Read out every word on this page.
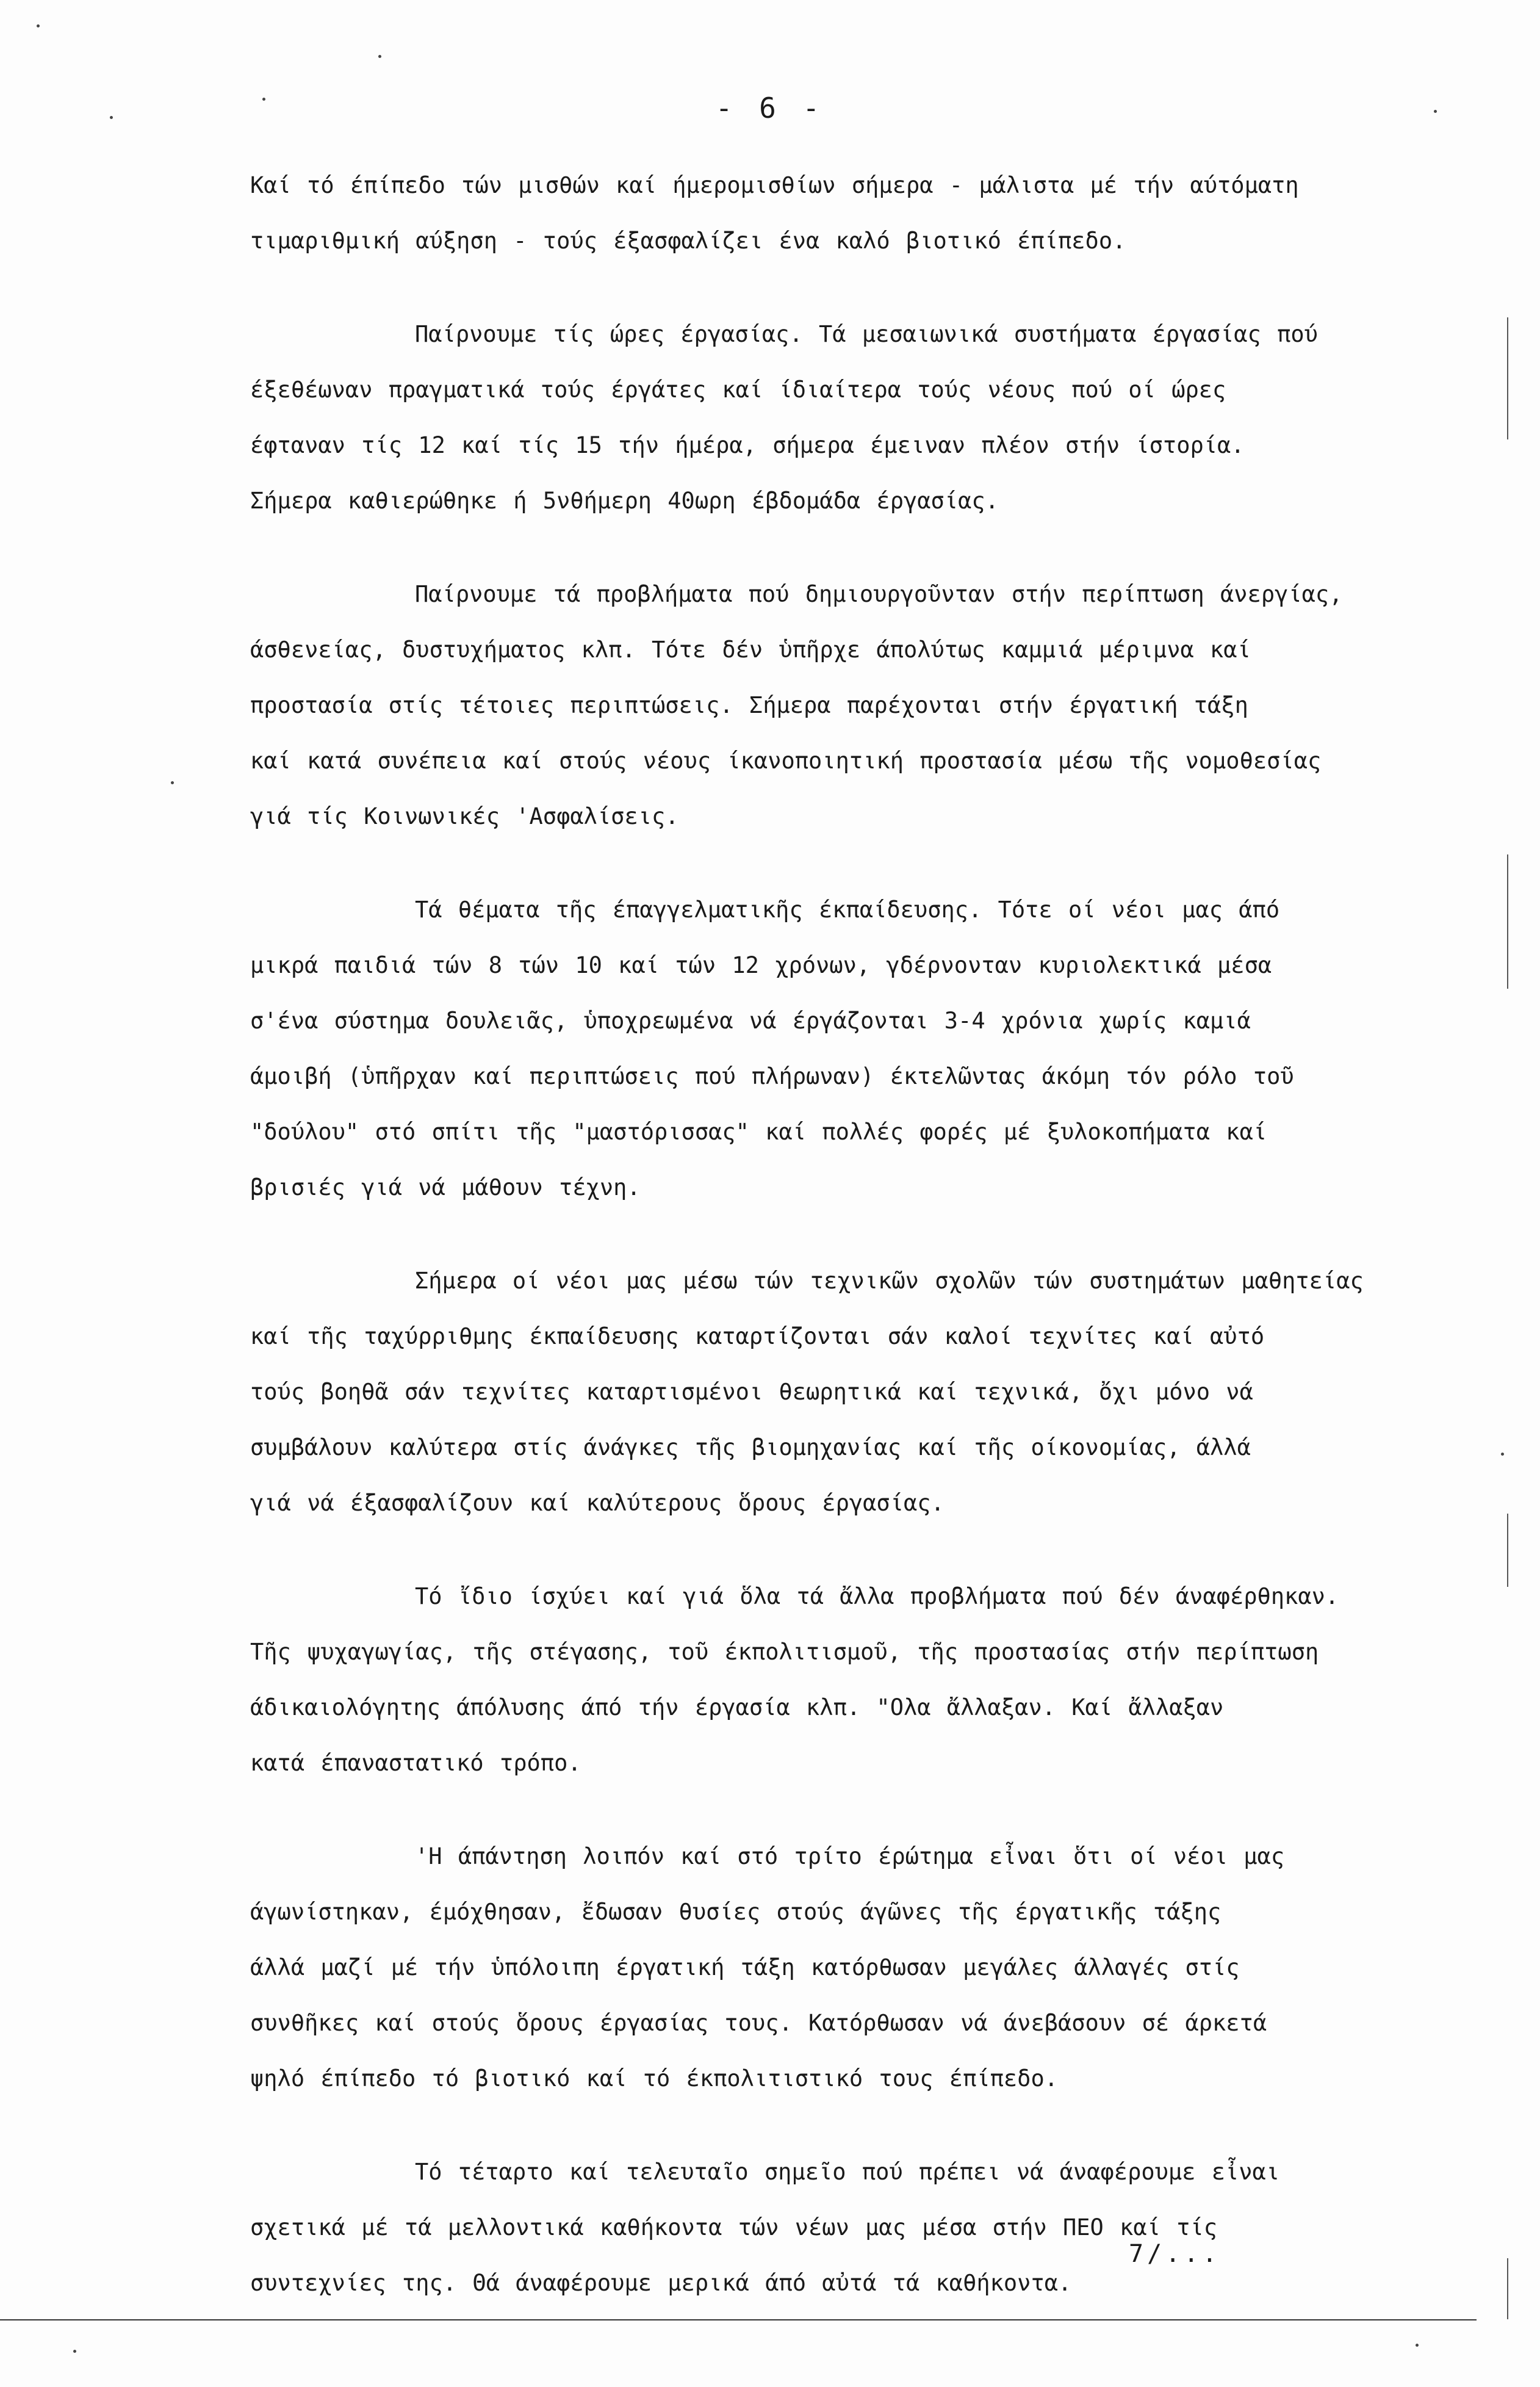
- 6 -
Καί τό έπίπεδο τών μισθών καί ήμερομισθίων σήμερα - μάλιστα μέ τήν αύτόματη
τιμαριθμική αύξηση - τούς έξασφαλίζει ένα καλό βιοτικό έπίπεδο.
Παίρνουμε τίς ώρες έργασίας. Τά μεσαιωνικά συστήματα έργασίας πού
έξεθέωναν πραγματικά τούς έργάτες καί ίδιαίτερα τούς νέους πού οί ώρες
έφταναν τίς 12 καί τίς 15 τήν ήμέρα, σήμερα έμειναν πλέον στήν ίστορία.
Σήμερα καθιερώθηκε ή 5νθήμερη 40ωρη έβδομάδα έργασίας.
Παίρνουμε τά προβλήματα πού δημιουργοῦνταν στήν περίπτωση άνεργίας,
άσθενείας, δυστυχήματος κλπ. Τότε δέν ὑπῆρχε άπολύτως καμμιά μέριμνα καί
προστασία στίς τέτοιες περιπτώσεις. Σήμερα παρέχονται στήν έργατική τάξη
καί κατά συνέπεια καί στούς νέους ίκανοποιητική προστασία μέσω τῆς νομοθεσίας
γιά τίς Κοινωνικές 'Ασφαλίσεις.
Τά θέματα τῆς έπαγγελματικῆς έκπαίδευσης. Τότε οί νέοι μας άπό
μικρά παιδιά τών 8 τών 10 καί τών 12 χρόνων, γδέρνονταν κυριολεκτικά μέσα
σ'ένα σύστημα δουλειᾶς, ὑποχρεωμένα νά έργάζονται 3-4 χρόνια χωρίς καμιά
άμοιβή (ὑπῆρχαν καί περιπτώσεις πού πλήρωναν) έκτελῶντας άκόμη τόν ρόλο τοῦ
"δούλου" στό σπίτι τῆς "μαστόρισσας" καί πολλές φορές μέ ξυλοκοπήματα καί
βρισιές γιά νά μάθουν τέχνη.
Σήμερα οί νέοι μας μέσω τών τεχνικῶν σχολῶν τών συστημάτων μαθητείας
καί τῆς ταχύρριθμης έκπαίδευσης καταρτίζονται σάν καλοί τεχνίτες καί αὐτό
τούς βοηθᾶ σάν τεχνίτες καταρτισμένοι θεωρητικά καί τεχνικά, ὄχι μόνο νά
συμβάλουν καλύτερα στίς άνάγκες τῆς βιομηχανίας καί τῆς οίκονομίας, άλλά
γιά νά έξασφαλίζουν καί καλύτερους ὅρους έργασίας.
Τό ἴδιο ίσχύει καί γιά ὅλα τά ἄλλα προβλήματα πού δέν άναφέρθηκαν.
Τῆς ψυχαγωγίας, τῆς στέγασης, τοῦ έκπολιτισμοῦ, τῆς προστασίας στήν περίπτωση
άδικαιολόγητης άπόλυσης άπό τήν έργασία κλπ. "Ολα ἄλλαξαν. Καί ἄλλαξαν
κατά έπαναστατικό τρόπο.
'Η άπάντηση λοιπόν καί στό τρίτο έρώτημα εἶναι ὅτι οί νέοι μας
άγωνίστηκαν, έμόχθησαν, ἔδωσαν θυσίες στούς άγῶνες τῆς έργατικῆς τάξης
άλλά μαζί μέ τήν ὑπόλοιπη έργατική τάξη κατόρθωσαν μεγάλες άλλαγές στίς
συνθῆκες καί στούς ὅρους έργασίας τους. Κατόρθωσαν νά άνεβάσουν σέ άρκετά
ψηλό έπίπεδο τό βιοτικό καί τό έκπολιτιστικό τους έπίπεδο.
Τό τέταρτο καί τελευταῖο σημεῖο πού πρέπει νά άναφέρουμε εἶναι
σχετικά μέ τά μελλοντικά καθήκοντα τών νέων μας μέσα στήν ΠΕΟ καί τίς
συντεχνίες της. Θά άναφέρουμε μερικά άπό αὐτά τά καθήκοντα.
7/...
